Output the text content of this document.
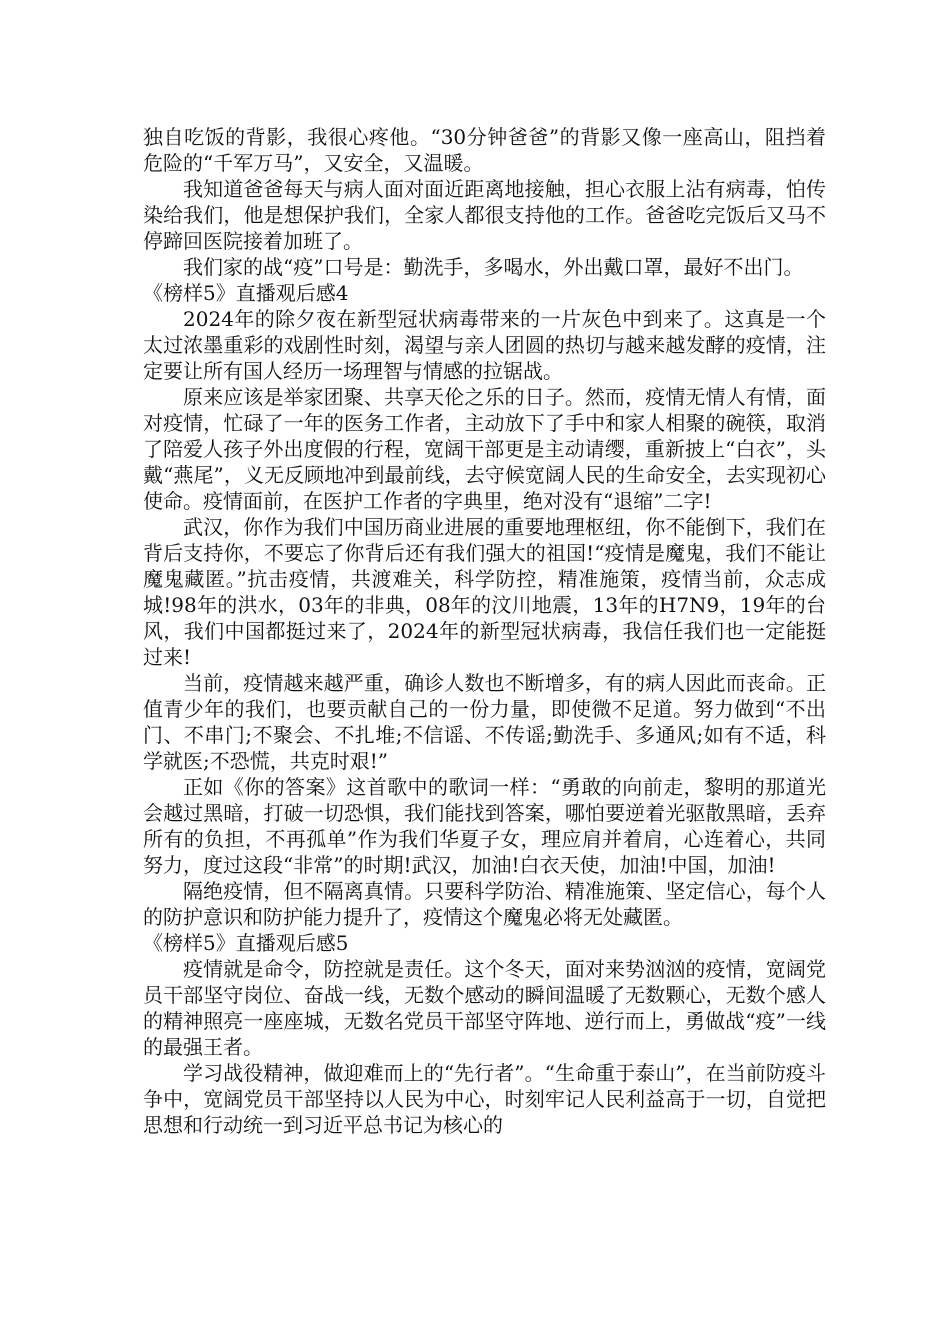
独自吃饭的背影，我很心疼他。“30分钟爸爸”的背影又像一座高山，阻挡着危险的“千军万马”，又安全，又温暖。

我知道爸爸每天与病人面对面近距离地接触，担心衣服上沾有病毒，怕传染给我们，他是想保护我们，全家人都很支持他的工作。爸爸吃完饭后又马不停蹄回医院接着加班了。

我们家的战“疫”口号是：勤洗手，多喝水，外出戴口罩，最好不出门。

《榜样5》直播观后感4

2024年的除夕夜在新型冠状病毒带来的一片灰色中到来了。这真是一个太过浓墨重彩的戏剧性时刻，渴望与亲人团圆的热切与越来越发酵的疫情，注定要让所有国人经历一场理智与情感的拉锯战。

原来应该是举家团聚、共享天伦之乐的日子。然而，疫情无情人有情，面对疫情，忙碌了一年的医务工作者，主动放下了手中和家人相聚的碗筷，取消了陪爱人孩子外出度假的行程，宽阔干部更是主动请缨，重新披上“白衣”，头戴“燕尾”，义无反顾地冲到最前线，去守候宽阔人民的生命安全，去实现初心使命。疫情面前，在医护工作者的字典里，绝对没有“退缩”二字!

武汉，你作为我们中国历商业进展的重要地理枢纽，你不能倒下，我们在背后支持你，不要忘了你背后还有我们强大的祖国!“疫情是魔鬼，我们不能让魔鬼藏匿。”抗击疫情，共渡难关，科学防控，精准施策，疫情当前，众志成城!98年的洪水，03年的非典，08年的汶川地震，13年的H7N9，19年的台风，我们中国都挺过来了，2024年的新型冠状病毒，我信任我们也一定能挺过来!

当前，疫情越来越严重，确诊人数也不断增多，有的病人因此而丧命。正值青少年的我们，也要贡献自己的一份力量，即使微不足道。努力做到“不出门、不串门;不聚会、不扎堆;不信谣、不传谣;勤洗手、多通风;如有不适，科学就医;不恐慌，共克时艰!”

正如《你的答案》这首歌中的歌词一样：“勇敢的向前走，黎明的那道光会越过黑暗，打破一切恐惧，我们能找到答案，哪怕要逆着光驱散黑暗，丢弃所有的负担，不再孤单”作为我们华夏子女，理应肩并着肩，心连着心，共同努力，度过这段“非常”的时期!武汉，加油!白衣天使，加油!中国，加油!

隔绝疫情，但不隔离真情。只要科学防治、精准施策、坚定信心，每个人的防护意识和防护能力提升了，疫情这个魔鬼必将无处藏匿。

《榜样5》直播观后感5

疫情就是命令，防控就是责任。这个冬天，面对来势汹汹的疫情，宽阔党员干部坚守岗位、奋战一线，无数个感动的瞬间温暖了无数颗心，无数个感人的精神照亮一座座城，无数名党员干部坚守阵地、逆行而上，勇做战“疫”一线的最强王者。

学习战役精神，做迎难而上的“先行者”。“生命重于泰山”，在当前防疫斗争中，宽阔党员干部坚持以人民为中心，时刻牢记人民利益高于一切，自觉把思想和行动统一到习近平总书记为核心的
